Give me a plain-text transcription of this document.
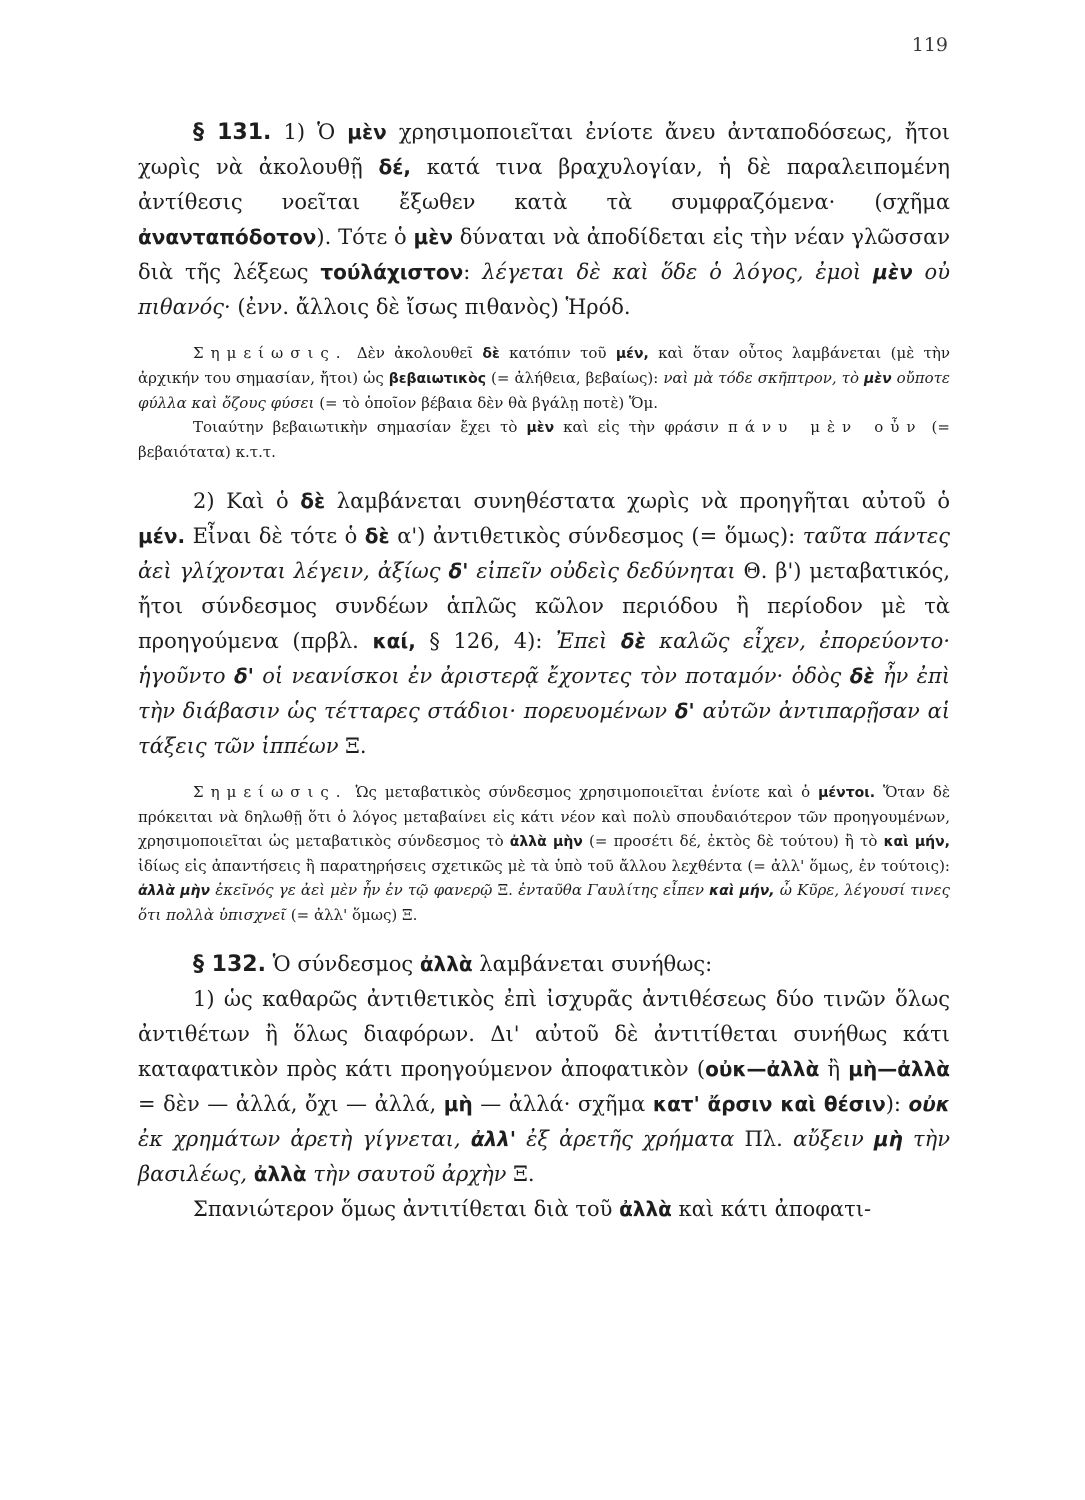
119

§ 131. 1) Ὁ μὲν χρησιμοποιεῖται ἐνίοτε ἄνευ ἀνταποδόσεως, ἤτοι χωρὶς νὰ ἀκολουθῇ δέ, κατά τινα βραχυλογίαν, ἡ δὲ παραλειπομένη ἀντίθεσις νοεῖται ἔξωθεν κατὰ τὰ συμφραζόμενα· (σχῆμα ἀνανταπόδοτον). Τότε ὁ μὲν δύναται νὰ ἀποδίδεται εἰς τὴν νέαν γλῶσσαν διὰ τῆς λέξεως τούλάχιστον: λέγεται δὲ καὶ ὅδε ὁ λόγος, ἐμοὶ μὲν οὐ πιθανός· (ἐνν. ἄλλοις δὲ ἴσως πιθανὸς) Ἡρόδ.

Σημείωσις. Δὲν ἀκολουθεῖ δὲ κατόπιν τοῦ μέν, καὶ ὅταν οὗτος λαμβάνεται (μὲ τὴν ἀρχικήν του σημασίαν, ἤτοι) ὡς βεβαιωτικὸς (= ἀλήθεια, βεβαίως): ναὶ μὰ τόδε σκῆπτρον, τὸ μὲν οὔποτε φύλλα καὶ ὄζους φύσει (= τὸ ὁποῖον βέβαια δὲν θὰ βγάλῃ ποτὲ) Ὅμ.

Τοιαύτην βεβαιωτικὴν σημασίαν ἔχει τὸ μὲν καὶ εἰς τὴν φράσιν πάνυ μὲν οὖν (= βεβαιότατα) κ.τ.τ.

2) Καὶ ὁ δὲ λαμβάνεται συνηθέστατα χωρὶς νὰ προηγῆται αὐτοῦ ὁ μέν. Εἶναι δὲ τότε ὁ δὲ α') ἀντιθετικὸς σύνδεσμος (= ὅμως): ταῦτα πάντες ἀεὶ γλίχονται λέγειν, ἀξίως δ' εἰπεῖν οὐδεὶς δεδύνηται Θ. β') μεταβατικός, ἤτοι σύνδεσμος συνδέων ἁπλῶς κῶλον περιόδου ἢ περίοδον μὲ τὰ προηγούμενα (πρβλ. καί, § 126, 4): Ἐπεὶ δὲ καλῶς εἶχεν, ἐπορεύοντο· ἡγοῦντο δ' οἱ νεανίσκοι ἐν ἀριστερᾷ ἔχοντες τὸν ποταμόν· ὁδὸς δὲ ἦν ἐπὶ τὴν διάβασιν ὡς τέτταρες στάδιοι· πορευομένων δ' αὐτῶν ἀντιπαρῇσαν αἱ τάξεις τῶν ἱππέων Ξ.

Σημείωσις. Ὡς μεταβατικὸς σύνδεσμος χρησιμοποιεῖται ἐνίοτε καὶ ὁ μέντοι. Ὅταν δὲ πρόκειται νὰ δηλωθῇ ὅτι ὁ λόγος μεταβαίνει εἰς κάτι νέον καὶ πολὺ σπουδαιότερον τῶν προηγουμένων, χρησιμοποιεῖται ὡς μεταβατικὸς σύνδεσμος τὸ ἀλλὰ μὴν (= προσέτι δέ, ἐκτὸς δὲ τούτου) ἢ τὸ καὶ μήν, ἰδίως εἰς ἀπαντήσεις ἢ παρατηρήσεις σχετικῶς μὲ τὰ ὑπὸ τοῦ ἄλλου λεχθέντα (= ἀλλ' ὅμως, ἐν τούτοις): ἀλλὰ μὴν ἐκεῖνός γε ἀεὶ μὲν ἦν ἐν τῷ φανερῷ Ξ. ἐνταῦθα Γαυλίτης εἶπεν καὶ μήν, ὦ Κῦρε, λέγουσί τινες ὅτι πολλὰ ὑπισχνεῖ (= ἀλλ' ὅμως) Ξ.

§ 132. Ὁ σύνδεσμος ἀλλὰ λαμβάνεται συνήθως:

1) ὡς καθαρῶς ἀντιθετικὸς ἐπὶ ἰσχυρᾶς ἀντιθέσεως δύο τινῶν ὅλως ἀντιθέτων ἢ ὅλως διαφόρων. Δι' αὐτοῦ δὲ ἀντιτίθεται συνήθως κάτι καταφατικὸν πρὸς κάτι προηγούμενον ἀποφατικὸν (οὐκ—ἀλλὰ ἢ μὴ—ἀλλὰ = δὲν — ἀλλά, ὄχι — ἀλλά, μὴ — ἀλλά· σχῆμα κατ' ἄρσιν καὶ θέσιν): οὐκ ἐκ χρημάτων ἀρετὴ γίγνεται, ἀλλ' ἐξ ἀρετῆς χρήματα Πλ. αὔξειν μὴ τὴν βασιλέως, ἀλλὰ τὴν σαυτοῦ ἀρχὴν Ξ.

Σπανιώτερον ὅμως ἀντιτίθεται διὰ τοῦ ἀλλὰ καὶ κάτι ἀποφατι-
